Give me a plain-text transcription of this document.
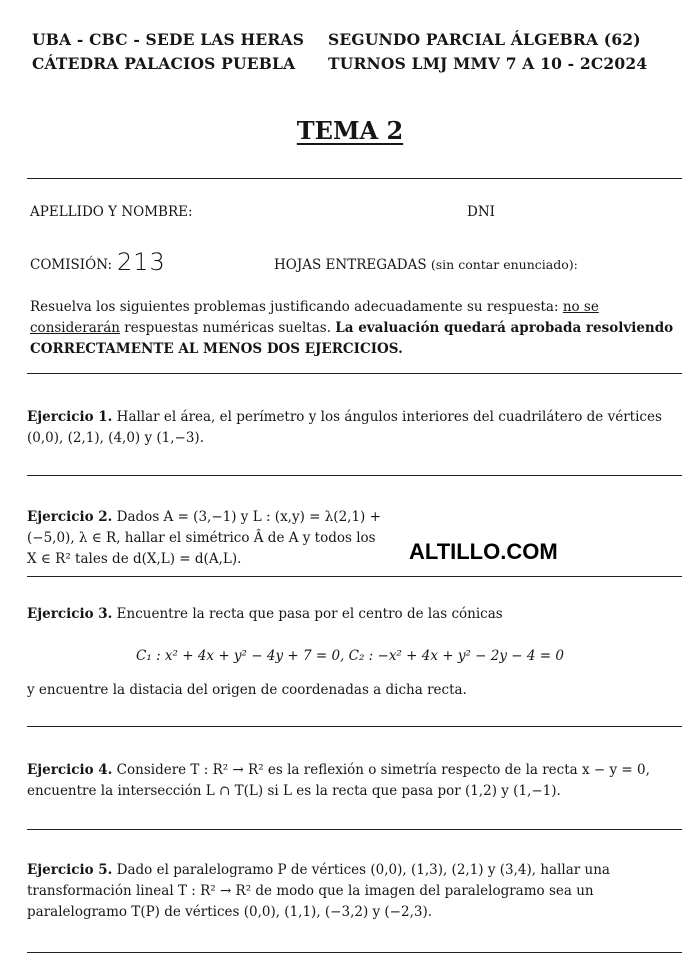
UBA - CBC - SEDE LAS HERAS SEGUNDO PARCIAL ÁLGEBRA (62)
CÁTEDRA PALACIOS PUEBLA TURNOS LMJ MMV 7 A 10 - 2C2024
TEMA 2
APELLIDO Y NOMBRE:	DNI
COMISIÓN: 213	HOJAS ENTREGADAS (sin contar enunciado):
Resuelva los siguientes problemas justificando adecuadamente su respuesta: no se considerarán respuestas numéricas sueltas. La evaluación quedará aprobada resolviendo CORRECTAMENTE AL MENOS DOS EJERCICIOS.
Ejercicio 1. Hallar el área, el perímetro y los ángulos interiores del cuadrilátero de vértices (0,0), (2,1), (4,0) y (1,−3).
Ejercicio 2. Dados A = (3,−1) y L : (x,y) = λ(2,1) + (−5,0), λ ∈ R, hallar el simétrico Â de A y todos los X ∈ R² tales de d(X,L) = d(A,L).	ALTILLO.COM
Ejercicio 3. Encuentre la recta que pasa por el centro de las cónicas
C₁ : x² + 4x + y² − 4y + 7 = 0, C₂ : −x² + 4x + y² − 2y − 4 = 0
y encuentre la distacia del origen de coordenadas a dicha recta.
Ejercicio 4. Considere T : R² → R² es la reflexión o simetría respecto de la recta x − y = 0, encuentre la intersección L ∩ T(L) si L es la recta que pasa por (1,2) y (1,−1).
Ejercicio 5. Dado el paralelogramo P de vértices (0,0), (1,3), (2,1) y (3,4), hallar una transformación lineal T : R² → R² de modo que la imagen del paralelogramo sea un paralelogramo T(P) de vértices (0,0), (1,1), (−3,2) y (−2,3).
